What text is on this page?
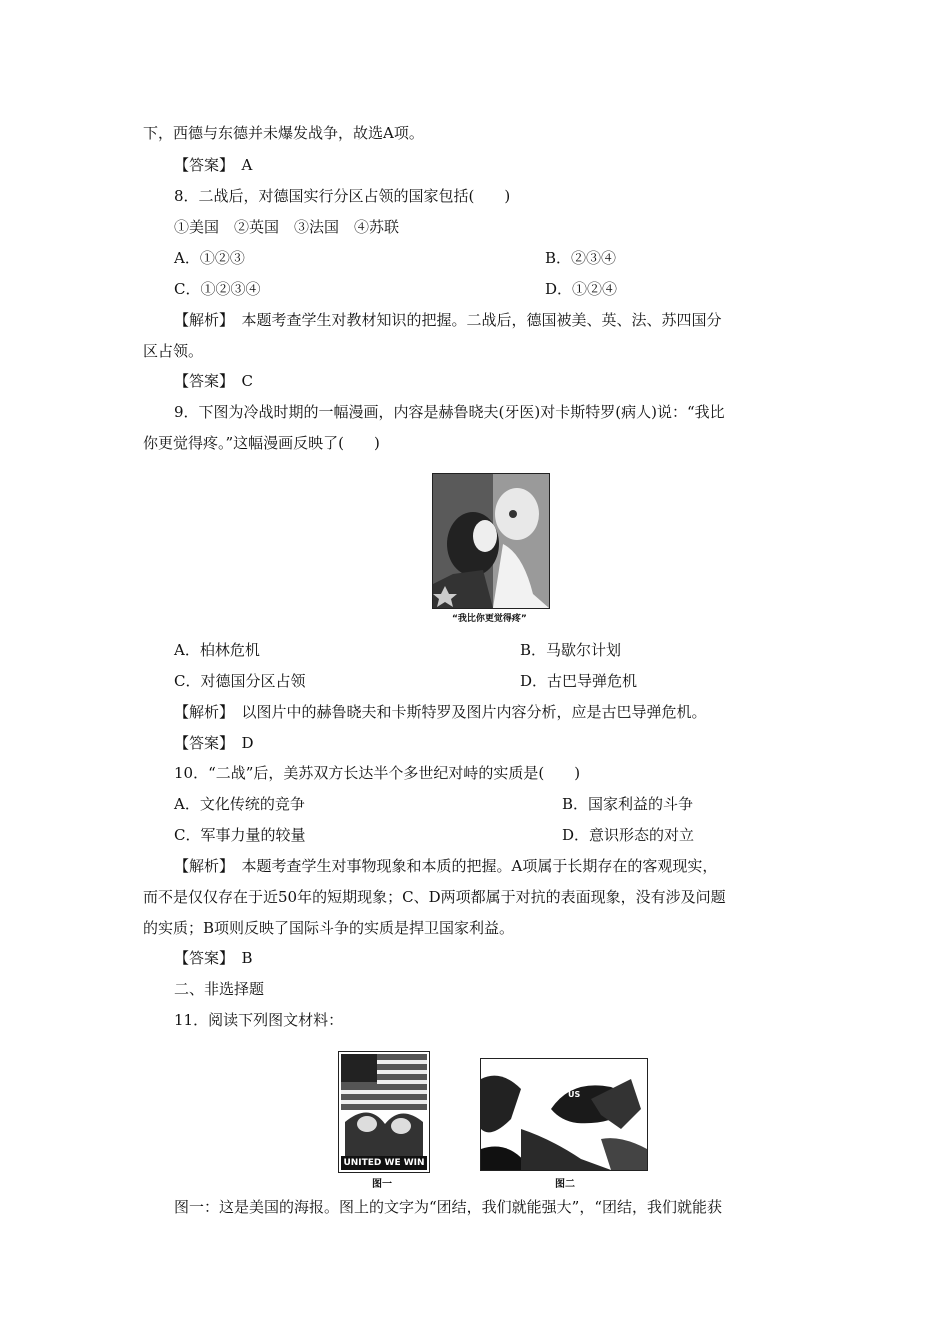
下，西德与东德并未爆发战争，故选A项。
【答案】　A
8．二战后，对德国实行分区占领的国家包括(　　)
①美国　②英国　③法国　④苏联
A．①②③	B．②③④
C．①②③④	D．①②④
【解析】　本题考查学生对教材知识的把握。二战后，德国被美、英、法、苏四国分
区占领。
【答案】　C
9．下图为冷战时期的一幅漫画，内容是赫鲁晓夫(牙医)对卡斯特罗(病人)说：“我比
你更觉得疼。”这幅漫画反映了(　　)
“我比你更觉得疼”
A．柏林危机	B．马歇尔计划
C．对德国分区占领	D．古巴导弹危机
【解析】　以图片中的赫鲁晓夫和卡斯特罗及图片内容分析，应是古巴导弹危机。
【答案】　D
10．“二战”后，美苏双方长达半个多世纪对峙的实质是(　　)
A．文化传统的竞争	B．国家利益的斗争
C．军事力量的较量	D．意识形态的对立
【解析】　本题考查学生对事物现象和本质的把握。A项属于长期存在的客观现实，
而不是仅仅存在于近50年的短期现象；C、D两项都属于对抗的表面现象，没有涉及问题
的实质；B项则反映了国际斗争的实质是捍卫国家利益。
【答案】　B
二、非选择题
11．阅读下列图文材料：
UNITED WE WIN
图一
US
图二
图一：这是美国的海报。图上的文字为“团结，我们就能强大”，“团结，我们就能获
